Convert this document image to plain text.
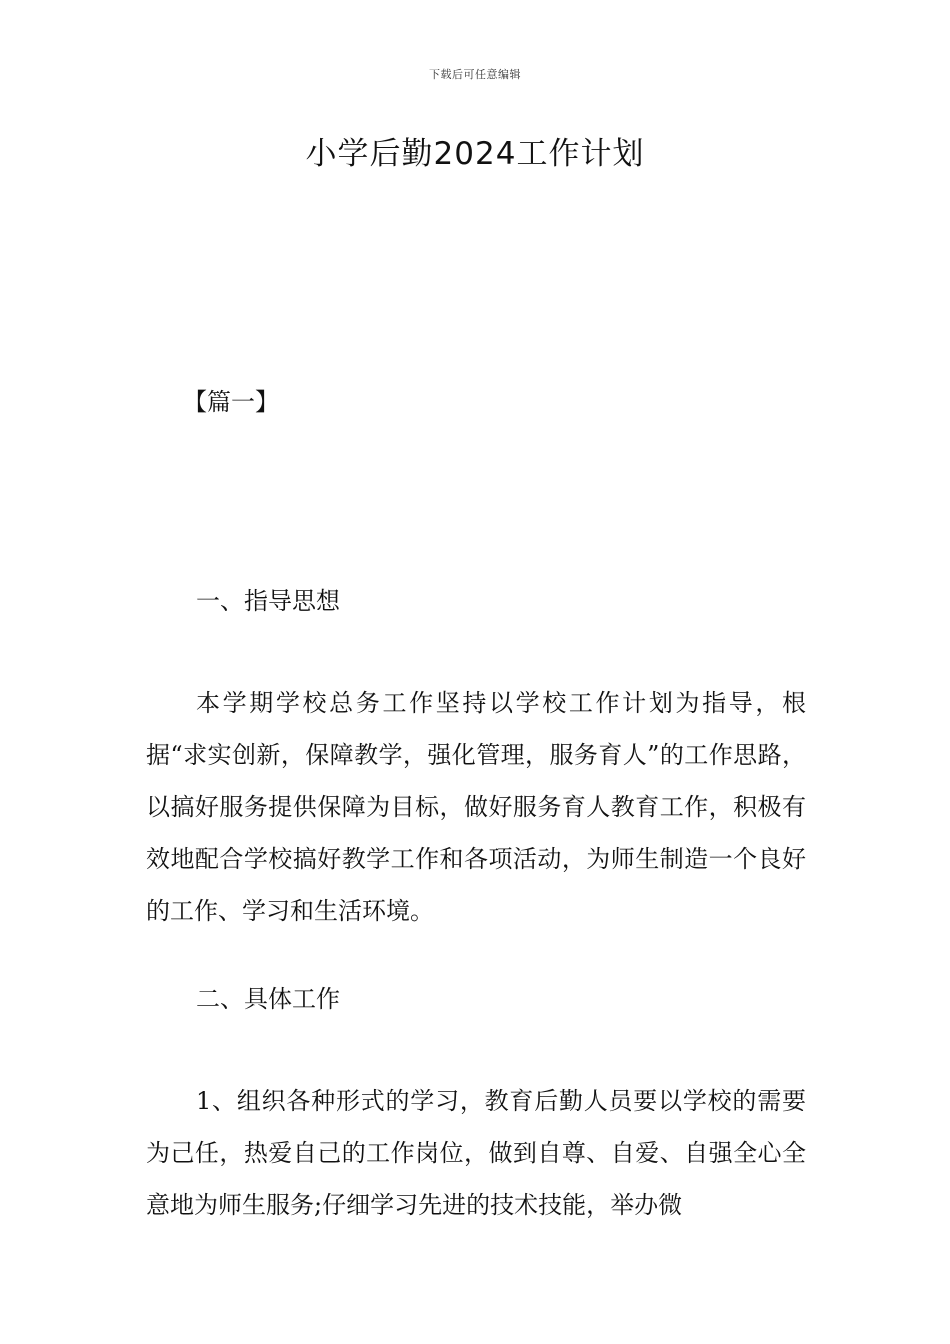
下载后可任意编辑
小学后勤2024工作计划
【篇一】
一、指导思想

本学期学校总务工作坚持以学校工作计划为指导，根据“求实创新，保障教学，强化管理，服务育人”的工作思路，以搞好服务提供保障为目标，做好服务育人教育工作，积极有效地配合学校搞好教学工作和各项活动，为师生制造一个良好的工作、学习和生活环境。

二、具体工作

1、组织各种形式的学习，教育后勤人员要以学校的需要为己任，热爱自己的工作岗位，做到自尊、自爱、自强全心全意地为师生服务;仔细学习先进的技术技能，举办微
